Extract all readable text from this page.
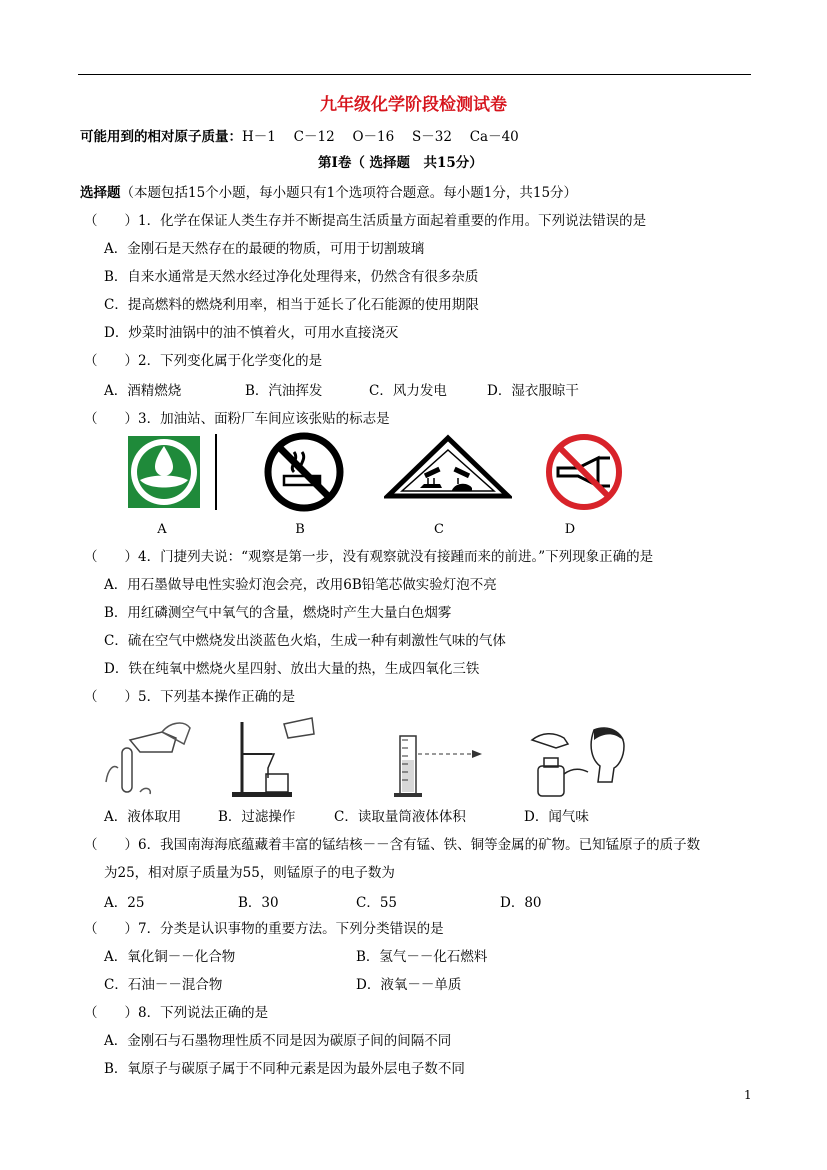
九年级化学阶段检测试卷
可能用到的相对原子质量：H－1　 C－12　 O－16　 S－32　 Ca－40
第Ⅰ卷（ 选择题　共15分）
选择题（本题包括15个小题，每小题只有1个选项符合题意。每小题1分，共15分）
（　　）1．化学在保证人类生存并不断提高生活质量方面起着重要的作用。下列说法错误的是
A．金刚石是天然存在的最硬的物质，可用于切割玻璃
B．自来水通常是天然水经过净化处理得来，仍然含有很多杂质
C．提高燃料的燃烧利用率，相当于延长了化石能源的使用期限
D．炒菜时油锅中的油不慎着火，可用水直接浇灭
（　　）2．下列变化属于化学变化的是
A．酒精燃烧	B．汽油挥发	C．风力发电	D．湿衣服晾干
（　　）3．加油站、面粉厂车间应该张贴的标志是
A	B	C	D
（　　）4．门捷列夫说：“观察是第一步，没有观察就没有接踵而来的前进。”下列现象正确的是
A．用石墨做导电性实验灯泡会亮，改用6B铅笔芯做实验灯泡不亮
B．用红磷测空气中氧气的含量，燃烧时产生大量白色烟雾
C．硫在空气中燃烧发出淡蓝色火焰，生成一种有刺激性气味的气体
D．铁在纯氧中燃烧火星四射、放出大量的热，生成四氧化三铁
（　　）5．下列基本操作正确的是
A．液体取用	B．过滤操作	C．读取量筒液体体积	D．闻气味
（　　）6．我国南海海底蕴藏着丰富的锰结核－－含有锰、铁、铜等金属的矿物。已知锰原子的质子数
为25，相对原子质量为55，则锰原子的电子数为
A．25	B．30	C．55	D．80
（　　）7．分类是认识事物的重要方法。下列分类错误的是
A．氧化铜－－化合物	B．氢气－－化石燃料
C．石油－－混合物	D．液氧－－单质
（　　）8．下列说法正确的是
A．金刚石与石墨物理性质不同是因为碳原子间的间隔不同
B．氧原子与碳原子属于不同种元素是因为最外层电子数不同
1
